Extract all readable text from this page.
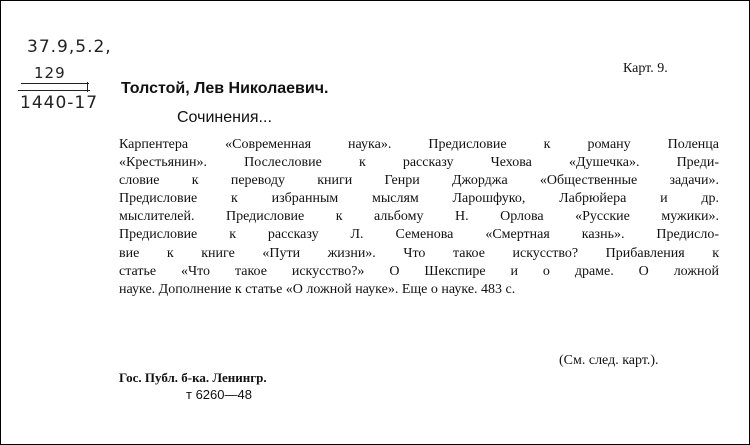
37.9,5.2,
129
1440-17
Карт. 9.
Толстой, Лев Николаевич.
Сочинения...
Карпентера «Современная наука». Предисловие к роману Поленца
«Крестьянин». Послесловие к рассказу Чехова «Душечка». Преди-
словие к переводу книги Генри Джорджа «Общественные задачи».
Предисловие к избранным мыслям Ларошфуко, Лабрюйера и др.
мыслителей. Предисловие к альбому Н. Орлова «Русские мужики».
Предисловие к рассказу Л. Семенова «Смертная казнь». Предисло-
вие к книге «Пути жизни». Что такое искусство? Прибавления к
статье «Что такое искусство?» О Шекспире и о драме. О ложной
науке. Дополнение к статье «О ложной науке». Еще о науке. 483 с.
(См. след. карт.).
Гос. Публ. б-ка. Ленингр.
т 6260—48
